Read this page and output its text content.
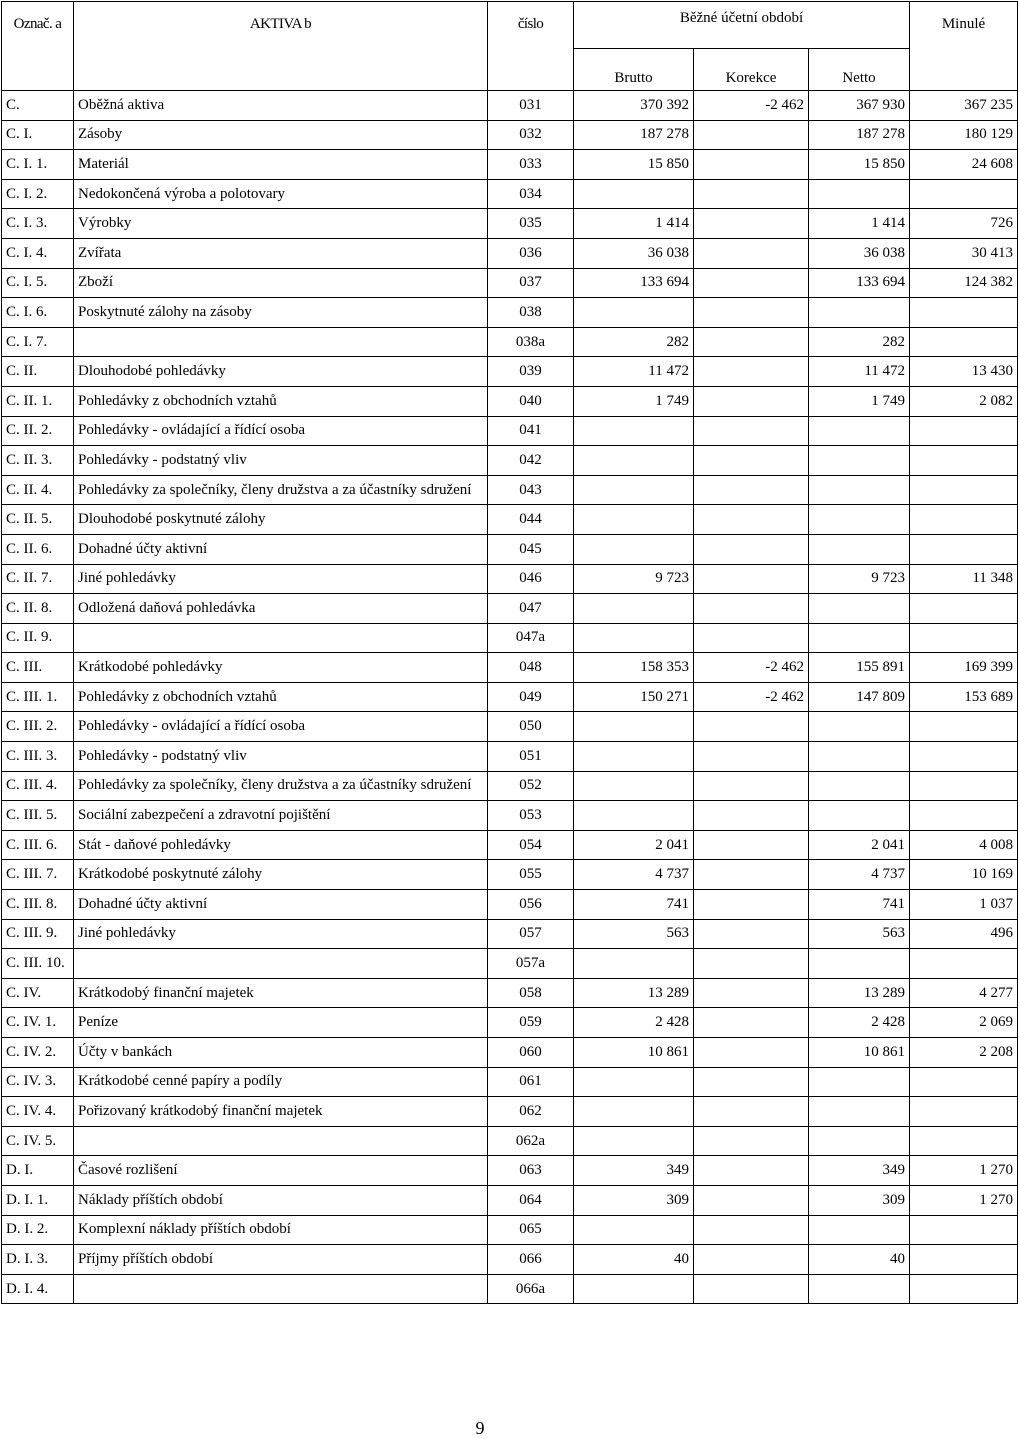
Označ. a	AKTIVA b	číslo	Běžné účetní období			Minulé
			Brutto	Korekce	Netto	
C.	Oběžná aktiva	031	370 392	-2 462	367 930	367 235
C. I.	Zásoby	032	187 278		187 278	180 129
C. I. 1.	Materiál	033	15 850		15 850	24 608
C. I. 2.	Nedokončená výroba a polotovary	034				
C. I. 3.	Výrobky	035	1 414		1 414	726
C. I. 4.	Zvířata	036	36 038		36 038	30 413
C. I. 5.	Zboží	037	133 694		133 694	124 382
C. I. 6.	Poskytnuté zálohy na zásoby	038				
C. I. 7.		038a	282		282	
C. II.	Dlouhodobé pohledávky	039	11 472		11 472	13 430
C. II. 1.	Pohledávky z obchodních vztahů	040	1 749		1 749	2 082
C. II. 2.	Pohledávky - ovládající a řídící osoba	041				
C. II. 3.	Pohledávky - podstatný vliv	042				
C. II. 4.	Pohledávky za společníky, členy družstva a za účastníky sdružení	043				
C. II. 5.	Dlouhodobé poskytnuté zálohy	044				
C. II. 6.	Dohadné účty aktivní	045				
C. II. 7.	Jiné pohledávky	046	9 723		9 723	11 348
C. II. 8.	Odložená daňová pohledávka	047				
C. II. 9.		047a				
C. III.	Krátkodobé pohledávky	048	158 353	-2 462	155 891	169 399
C. III. 1.	Pohledávky z obchodních vztahů	049	150 271	-2 462	147 809	153 689
C. III. 2.	Pohledávky - ovládající a řídící osoba	050				
C. III. 3.	Pohledávky - podstatný vliv	051				
C. III. 4.	Pohledávky za společníky, členy družstva a za účastníky sdružení	052				
C. III. 5.	Sociální zabezpečení a zdravotní pojištění	053				
C. III. 6.	Stát - daňové pohledávky	054	2 041		2 041	4 008
C. III. 7.	Krátkodobé poskytnuté zálohy	055	4 737		4 737	10 169
C. III. 8.	Dohadné účty aktivní	056	741		741	1 037
C. III. 9.	Jiné pohledávky	057	563		563	496
C. III. 10.		057a				
C. IV.	Krátkodobý finanční majetek	058	13 289		13 289	4 277
C. IV. 1.	Peníze	059	2 428		2 428	2 069
C. IV. 2.	Účty v bankách	060	10 861		10 861	2 208
C. IV. 3.	Krátkodobé cenné papíry a podíly	061				
C. IV. 4.	Pořizovaný krátkodobý finanční majetek	062				
C. IV. 5.		062a				
D. I.	Časové rozlišení	063	349		349	1 270
D. I. 1.	Náklady příštích období	064	309		309	1 270
D. I. 2.	Komplexní náklady příštích období	065				
D. I. 3.	Příjmy příštích období	066	40		40	
D. I. 4.		066a				
9
